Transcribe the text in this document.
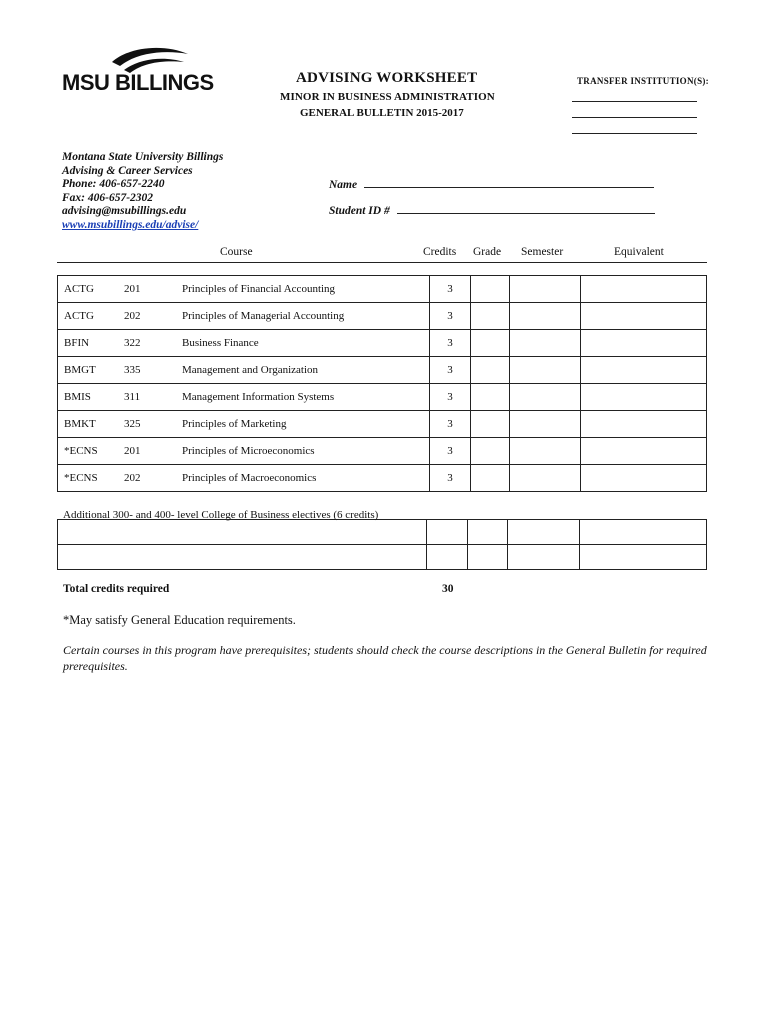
MSU BILLINGS	ADVISING WORKSHEET
MINOR IN BUSINESS ADMINISTRATION
GENERAL BULLETIN 2015-2017
TRANSFER INSTITUTION(S):
Montana State University Billings
Advising & Career Services
Phone: 406-657-2240
Fax: 406-657-2302
advising@msubillings.edu
www.msubillings.edu/advise/
Name
Student ID #
Course	Credits Grade Semester	Equivalent
ACTG	201	Principles of Financial Accounting	3			
ACTG	202	Principles of Managerial Accounting	3			
BFIN	322	Business Finance	3			
BMGT	335	Management and Organization	3			
BMIS	311	Management Information Systems	3			
BMKT	325	Principles of Marketing	3			
*ECNS	201	Principles of Microeconomics	3			
*ECNS	202	Principles of Macroeconomics	3			
Additional 300- and 400- level College of Business electives (6 credits)

Total credits required	30
*May satisfy General Education requirements.
Certain courses in this program have prerequisites; students should check the course descriptions in the General Bulletin for required prerequisites.
